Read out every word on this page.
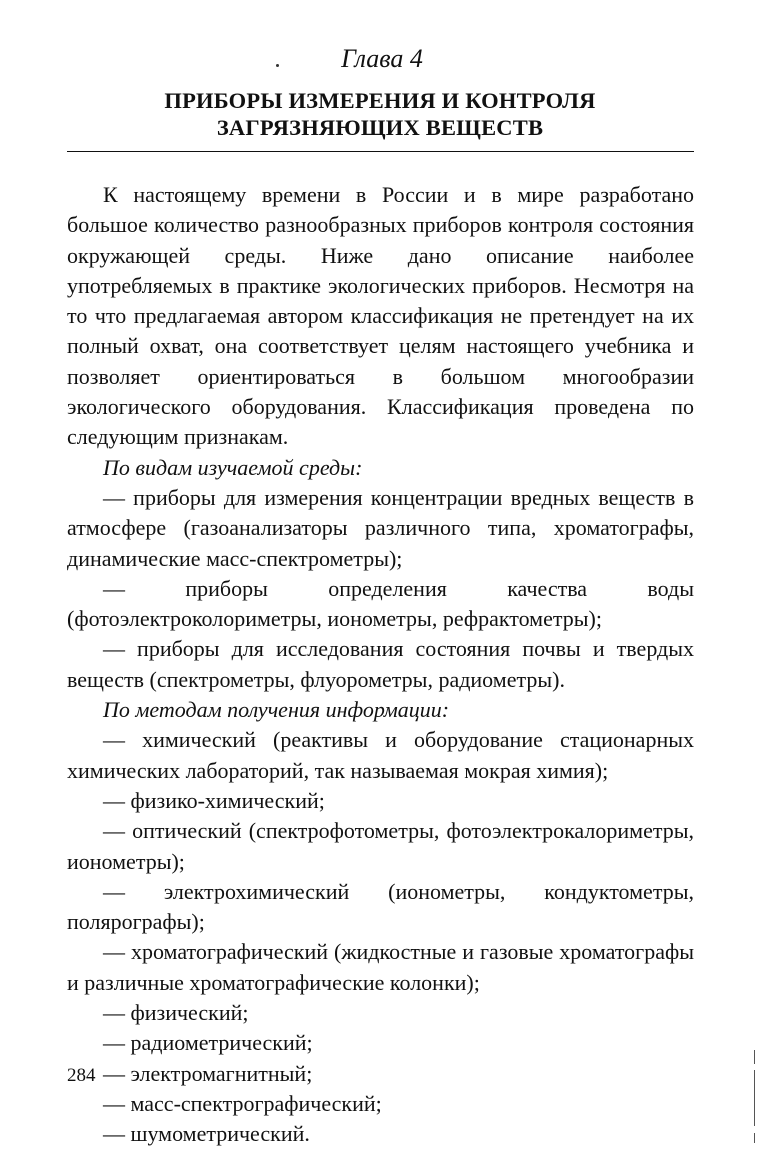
Глава 4
ПРИБОРЫ ИЗМЕРЕНИЯ И КОНТРОЛЯ ЗАГРЯЗНЯЮЩИХ ВЕЩЕСТВ

К настоящему времени в России и в мире разработано большое количество разнообразных приборов контроля состояния окружающей среды. Ниже дано описание наиболее употребляемых в практике экологических приборов. Несмотря на то что предлагаемая автором классификация не претендует на их полный охват, она соответствует целям настоящего учебника и позволяет ориентироваться в большом многообразии экологического оборудования. Классификация проведена по следующим признакам.

По видам изучаемой среды:

— приборы для измерения концентрации вредных веществ в атмосфере (газоанализаторы различного типа, хроматографы, динамические масс-спектрометры);

— приборы определения качества воды (фотоэлектроколориметры, ионометры, рефрактометры);

— приборы для исследования состояния почвы и твердых веществ (спектрометры, флуорометры, радиометры).

По методам получения информации:

— химический (реактивы и оборудование стационарных химических лабораторий, так называемая мокрая химия);

— физико-химический;

— оптический (спектрофотометры, фотоэлектрокалориметры, ионометры);

— электрохимический (ионометры, кондуктометры, полярографы);

— хроматографический (жидкостные и газовые хроматографы и различные хроматографические колонки);

— физический;

— радиометрический;

— электромагнитный;

— масс-спектрографический;

— шумометрический.

284
